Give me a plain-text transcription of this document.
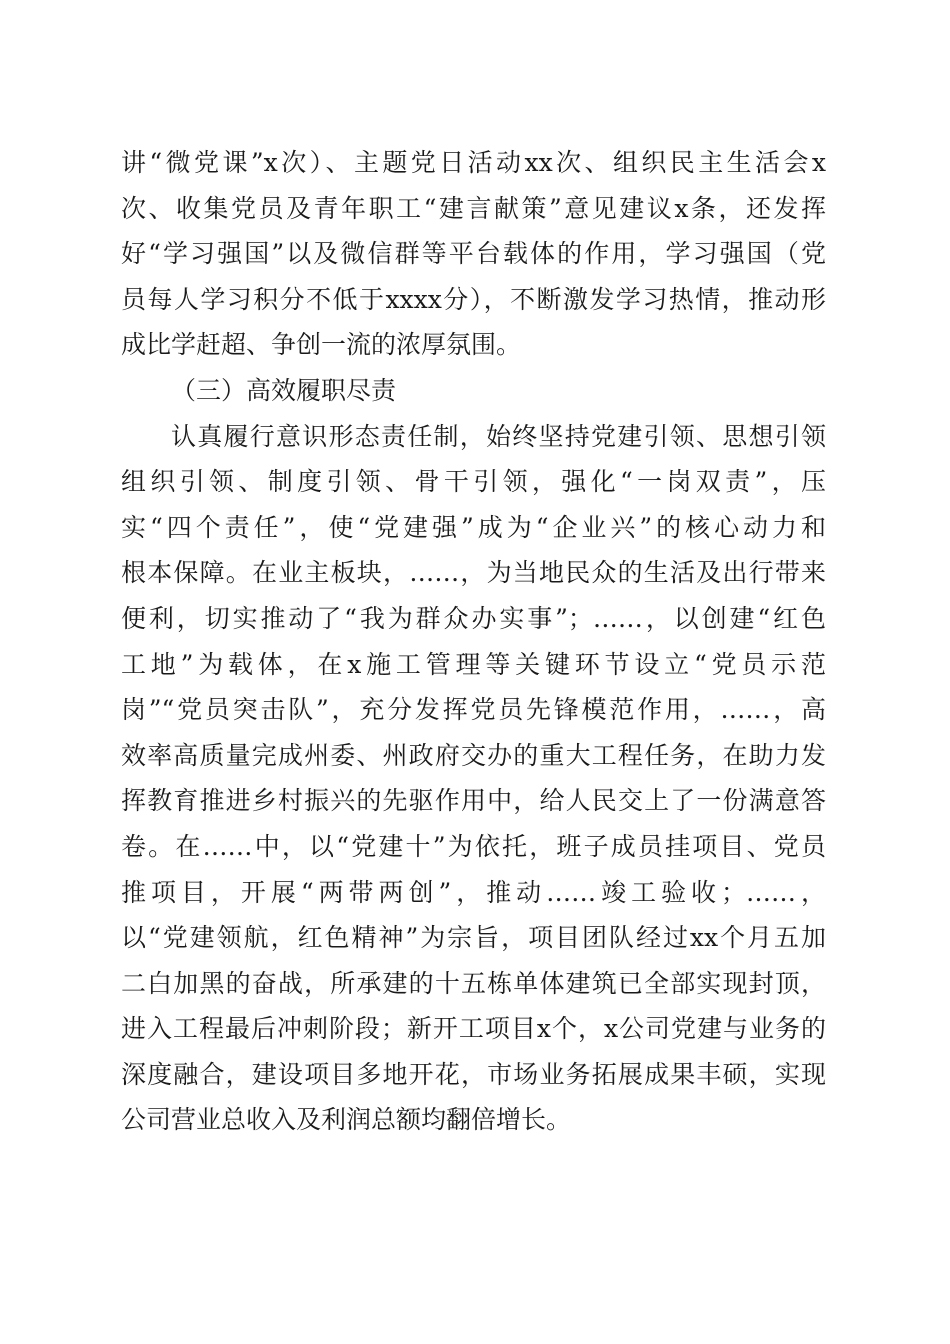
讲“微党课”x次）、主题党日活动xx次、组织民主生活会x
次、收集党员及青年职工“建言献策”意见建议x条，还发挥
好“学习强国”以及微信群等平台载体的作用，学习强国（党
员每人学习积分不低于xxxx分），不断激发学习热情，推动形
成比学赶超、争创一流的浓厚氛围。
（三）高效履职尽责
认真履行意识形态责任制，始终坚持党建引领、思想引领
组织引领、制度引领、骨干引领，强化“一岗双责”，压
实“四个责任”，使“党建强”成为“企业兴”的核心动力和
根本保障。在业主板块，……，为当地民众的生活及出行带来
便利，切实推动了“我为群众办实事”；……，以创建“红色
工地”为载体，在x施工管理等关键环节设立“党员示范
岗”“党员突击队”，充分发挥党员先锋模范作用，……，高
效率高质量完成州委、州政府交办的重大工程任务，在助力发
挥教育推进乡村振兴的先驱作用中，给人民交上了一份满意答
卷。在……中，以“党建十”为依托，班子成员挂项目、党员
推项目，开展“两带两创”，推动……竣工验收；……，
以“党建领航，红色精神”为宗旨，项目团队经过xx个月五加
二白加黑的奋战，所承建的十五栋单体建筑已全部实现封顶，
进入工程最后冲刺阶段；新开工项目x个，x公司党建与业务的
深度融合，建设项目多地开花，市场业务拓展成果丰硕，实现
公司营业总收入及利润总额均翻倍增长。
